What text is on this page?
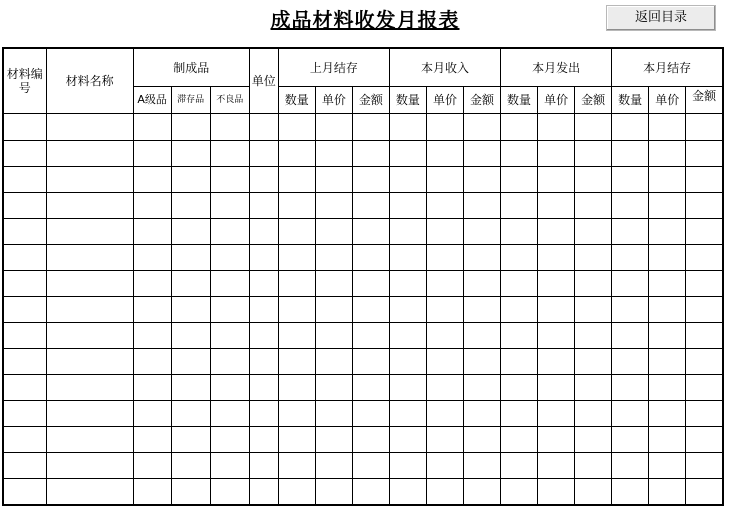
成品材料收发月报表	返回目录
材料编号	材料名称	制成品			单位	上月结存			本月收入			本月发出			本月结存		
		A级品	滞存品	不良品		数量	单价	金额	数量	单价	金额	数量	单价	金额	数量	单价	金额
